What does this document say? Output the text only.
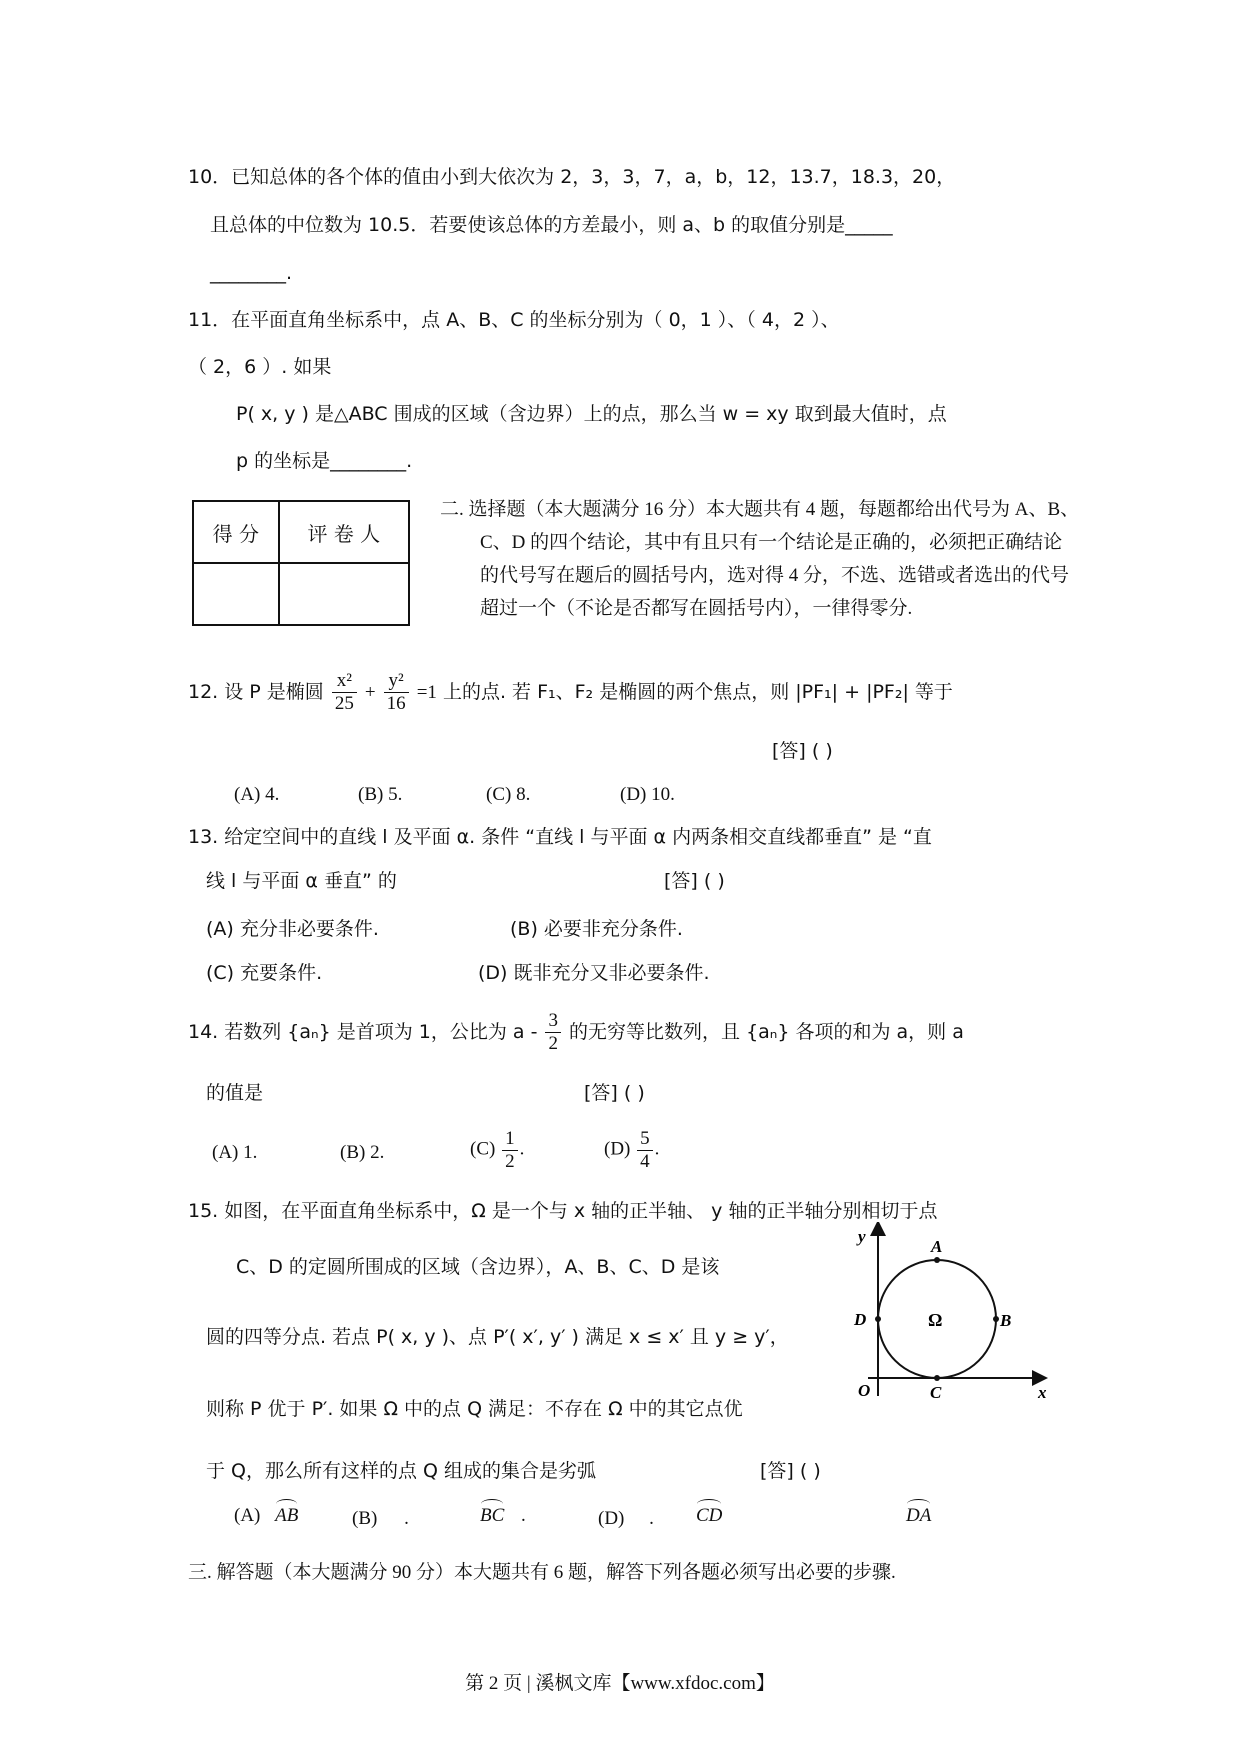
10．已知总体的各个体的值由小到大依次为 2，3，3，7，a，b，12，13.7，18.3，20，
且总体的中位数为 10.5．若要使该总体的方差最小，则 a、b 的取值分别是_____
________.
11．在平面直角坐标系中，点 A、B、C 的坐标分别为（ 0，1 ）、（ 4，2 ）、
（ 2，6 ）. 如果
P( x, y ) 是△ABC 围成的区域（含边界）上的点，那么当 w = xy 取到最大值时，点
p 的坐标是________.
得 分	评 卷 人

二. 选择题（本大题满分 16 分）本大题共有 4 题，每题都给出代号为 A、B、C、D 的四个结论，其中有且只有一个结论是正确的，必须把正确结论的代号写在题后的圆括号内，选对得 4 分，不选、选错或者选出的代号超过一个（不论是否都写在圆括号内），一律得零分.
12. 设 P 是椭圆 $\frac{\text{x²}}{25} + \frac{\text{y²}}{16} =1$ 上的点. 若 F₁、F₂ 是椭圆的两个焦点，则 |PF₁| + |PF₂| 等于
[答] ( )
(A) 4.	(B) 5.	(C) 8.	(D) 10.
13. 给定空间中的直线 l 及平面 α. 条件 “直线 l 与平面 α 内两条相交直线都垂直” 是 “直
线 l 与平面 α 垂直” 的	[答] ( )
(A) 充分非必要条件.	(B) 必要非充分条件.
(C) 充要条件.	(D) 既非充分又非必要条件.
14. 若数列 {aₙ} 是首项为 1，公比为 a - $\frac{3}{2}$ 的无穷等比数列，且 {aₙ} 各项的和为 a，则 a
的值是	[答] ( )
(A) 1.	(B) 2.	$(C) \frac{1}{2}$ .	$(D) \frac{5}{4}$ .
15. 如图，在平面直角坐标系中，Ω 是一个与 x 轴的正半轴、 y 轴的正半轴分别相切于点
C、D 的定圆所围成的区域（含边界），A、B、C、D 是该
圆的四等分点. 若点 P( x, y )、点 P′( x′, y′ ) 满足 x ≤ x′ 且 y ≥ y′，
则称 P 优于 P′. 如果 Ω 中的点 Q 满足：不存在 Ω 中的其它点优
于 Q，那么所有这样的点 Q 组成的集合是劣弧	[答] ( )
(A) AB	(B) .	BC .	(D) . CD	DA
y
x
O
A
B
C
D	Ω
三. 解答题（本大题满分 90 分）本大题共有 6 题，解答下列各题必须写出必要的步骤.
第 2 页 | 溪枫文库【www.xfdoc.com】
